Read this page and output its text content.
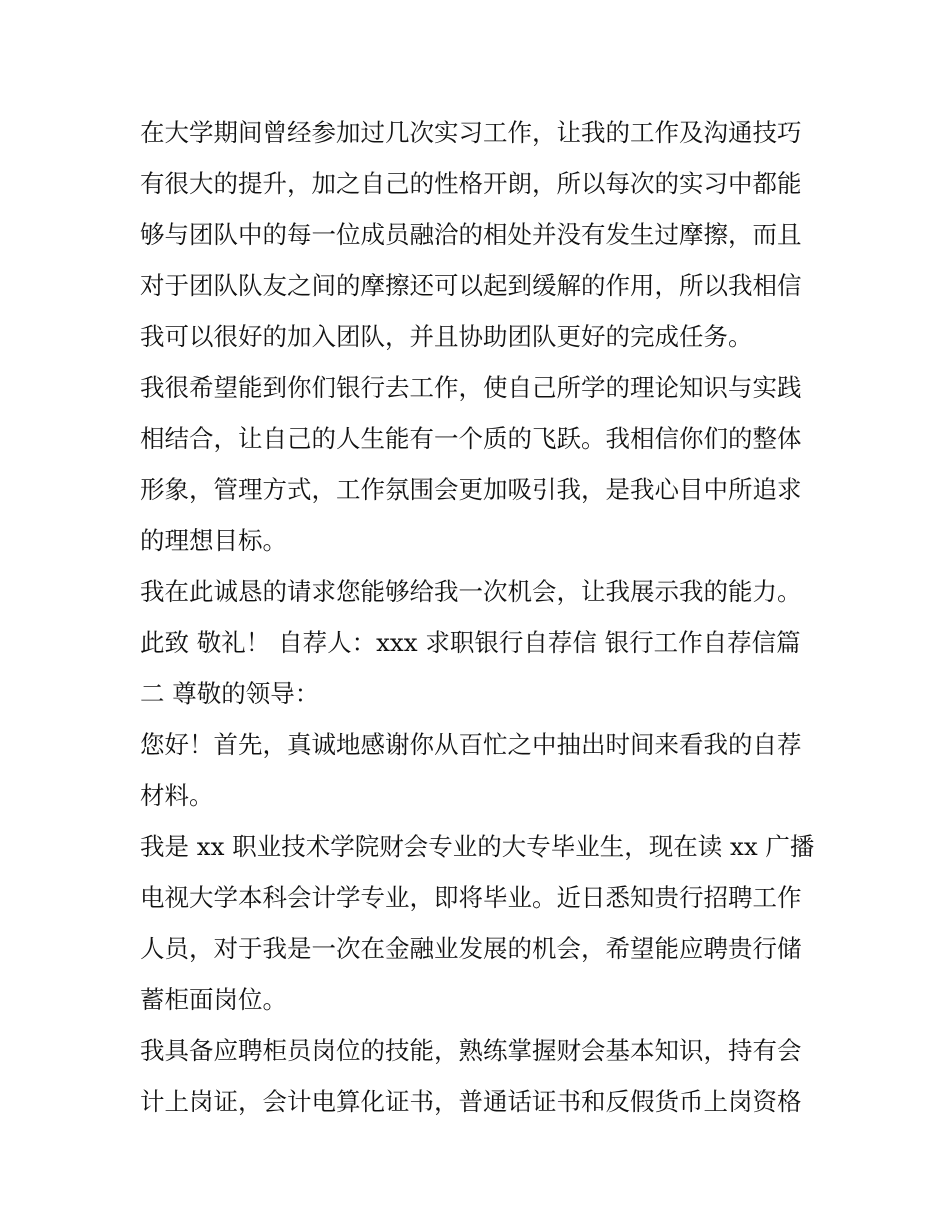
在大学期间曾经参加过几次实习工作，让我的工作及沟通技巧
有很大的提升，加之自己的性格开朗，所以每次的实习中都能
够与团队中的每一位成员融洽的相处并没有发生过摩擦，而且
对于团队队友之间的摩擦还可以起到缓解的作用，所以我相信
我可以很好的加入团队，并且协助团队更好的完成任务。
我很希望能到你们银行去工作，使自己所学的理论知识与实践
相结合，让自己的人生能有一个质的飞跃。我相信你们的整体
形象，管理方式，工作氛围会更加吸引我，是我心目中所追求
的理想目标。
我在此诚恳的请求您能够给我一次机会，让我展示我的能力。
此致 敬礼！ 自荐人：xxx 求职银行自荐信 银行工作自荐信篇
二 尊敬的领导：
您好！首先，真诚地感谢你从百忙之中抽出时间来看我的自荐
材料。
我是 xx 职业技术学院财会专业的大专毕业生，现在读 xx 广播
电视大学本科会计学专业，即将毕业。近日悉知贵行招聘工作
人员，对于我是一次在金融业发展的机会，希望能应聘贵行储
蓄柜面岗位。
我具备应聘柜员岗位的技能，熟练掌握财会基本知识，持有会
计上岗证，会计电算化证书，普通话证书和反假货币上岗资格
